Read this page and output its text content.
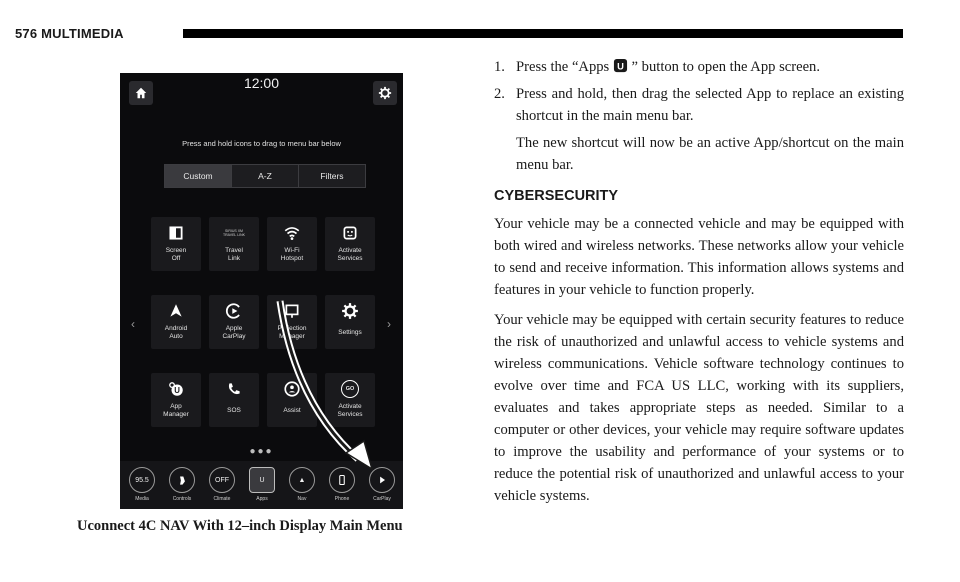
576 MULTIMEDIA
12:00
Press and hold icons to drag to menu bar below
Custom	A-Z	Filters
Screen
Off
SIRIUS XM TRAVEL LINK
Travel
Link
Wi-Fi
Hotspot
Activate
Services
Android
Auto
Apple
CarPlay
Projection
Manager
Settings
U
App
Manager
SOS	Assist
GO
Activate
Services
‹	›
●●●
95.5
Media	Controls
OFF
Climate
U
Apps
▲
Nav	Phone	CarPlay
Uconnect 4C NAV With 12–inch Display Main Menu
1. Press the “Apps U ” button to open the App screen.
2. Press and hold, then drag the selected App to replace an existing shortcut in the main menu bar.
The new shortcut will now be an active App/shortcut on the main menu bar.
CYBERSECURITY

Your vehicle may be a connected vehicle and may be equipped with both wired and wireless networks. These networks allow your vehicle to send and receive information. This information allows systems and features in your vehicle to function properly.

Your vehicle may be equipped with certain security features to reduce the risk of unauthorized and unlawful access to vehicle systems and wireless communications. Vehicle software technology continues to evolve over time and FCA US LLC, working with its suppliers, evaluates and takes appropriate steps as needed. Similar to a computer or other devices, your vehicle may require software updates to improve the usability and performance of your systems or to reduce the potential risk of unauthorized and unlawful access to your vehicle systems.
